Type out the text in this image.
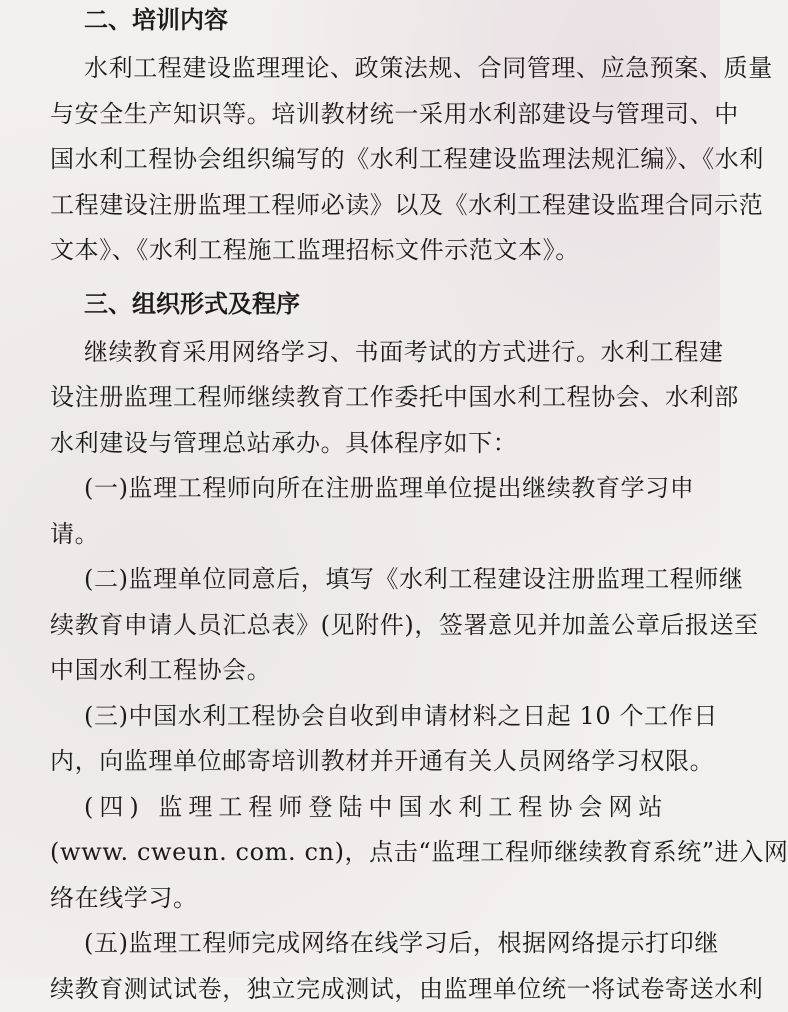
二、培训内容

水利工程建设监理理论、政策法规、合同管理、应急预案、质量
与安全生产知识等。培训教材统一采用水利部建设与管理司、中
国水利工程协会组织编写的《水利工程建设监理法规汇编》、《水利
工程建设注册监理工程师必读》以及《水利工程建设监理合同示范
文本》、《水利工程施工监理招标文件示范文本》。

三、组织形式及程序

继续教育采用网络学习、书面考试的方式进行。水利工程建
设注册监理工程师继续教育工作委托中国水利工程协会、水利部
水利建设与管理总站承办。具体程序如下：

(一)监理工程师向所在注册监理单位提出继续教育学习申
请。

(二)监理单位同意后，填写《水利工程建设注册监理工程师继
续教育申请人员汇总表》(见附件)，签署意见并加盖公章后报送至
中国水利工程协会。

(三)中国水利工程协会自收到申请材料之日起 10 个工作日
内，向监理单位邮寄培训教材并开通有关人员网络学习权限。

(四) 监理工程师登陆中国水利工程协会网站
(www. cweun. com. cn)，点击“监理工程师继续教育系统”进入网
络在线学习。

(五)监理工程师完成网络在线学习后，根据网络提示打印继
续教育测试试卷，独立完成测试，由监理单位统一将试卷寄送水利
